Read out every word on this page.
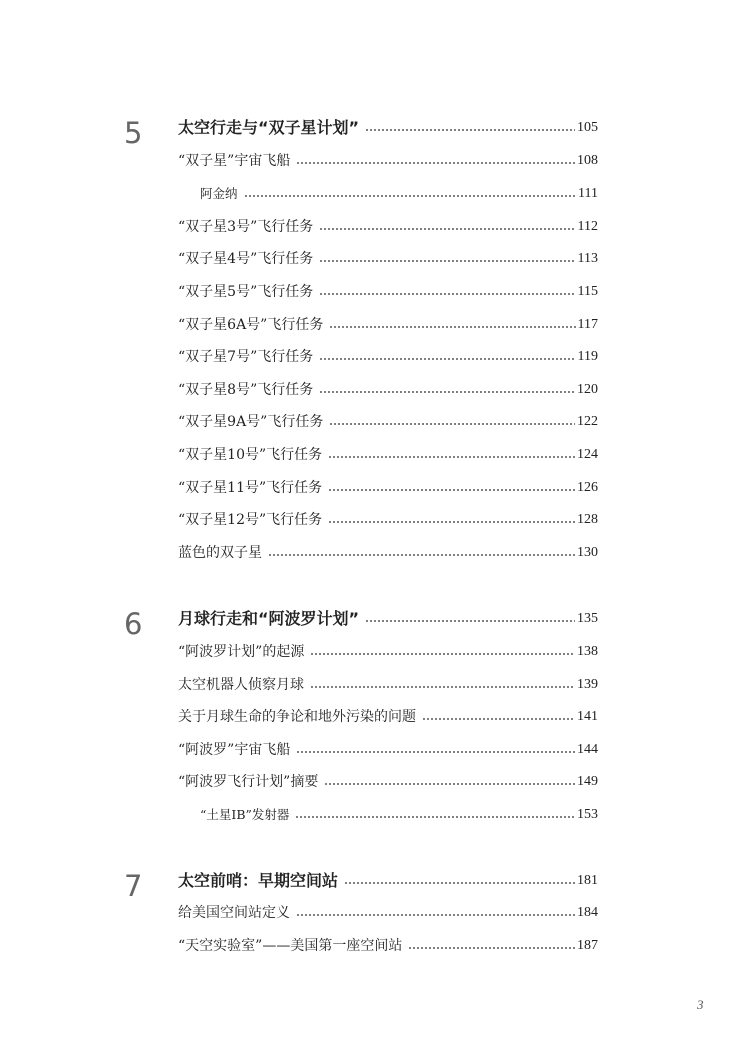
5 太空行走与“双子星计划”	105
“双子星”宇宙飞船	108
阿金纳	111
“双子星3号”飞行任务	112
“双子星4号”飞行任务	113
“双子星5号”飞行任务	115
“双子星6A号”飞行任务	117
“双子星7号”飞行任务	119
“双子星8号”飞行任务	120
“双子星9A号”飞行任务	122
“双子星10号”飞行任务	124
“双子星11号”飞行任务	126
“双子星12号”飞行任务	128
蓝色的双子星	130
6 月球行走和“阿波罗计划”	135
“阿波罗计划”的起源	138
太空机器人侦察月球	139
关于月球生命的争论和地外污染的问题	141
“阿波罗”宇宙飞船	144
“阿波罗飞行计划”摘要	149
“土星IB”发射器	153
7 太空前哨：早期空间站	181
给美国空间站定义	184
“天空实验室”——美国第一座空间站	187
3
